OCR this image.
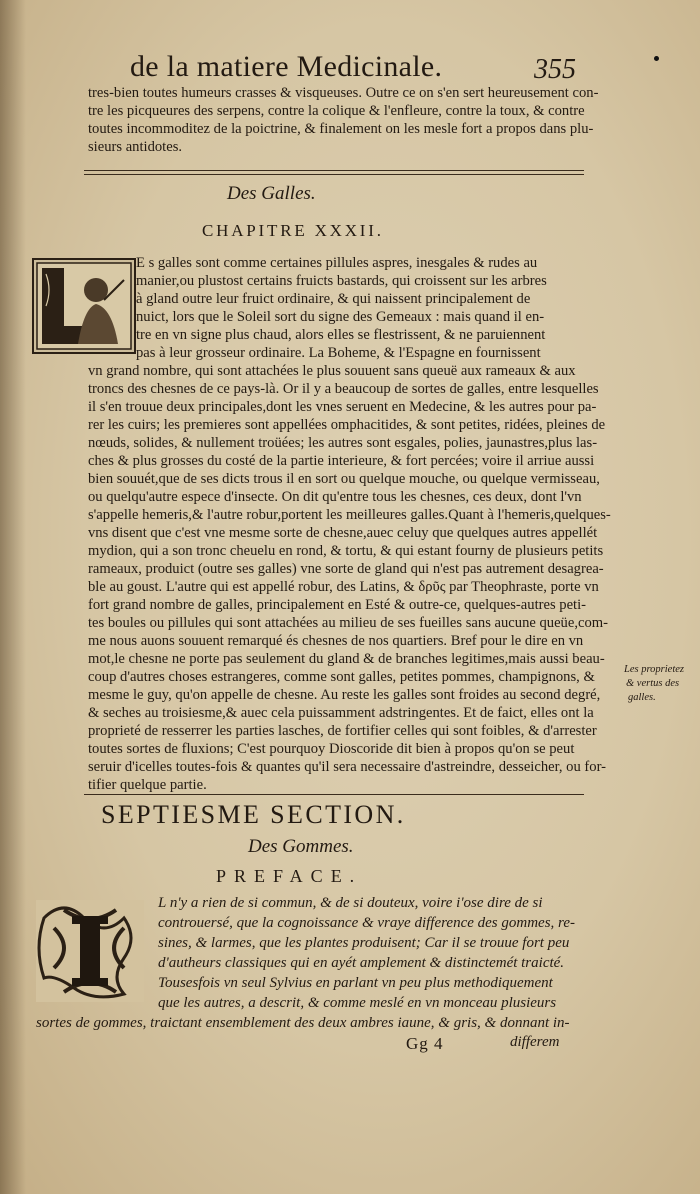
de la matiere Medicinale.	355
tres-bien toutes humeurs crasses & visqueuses. Outre ce on s'en sert heureusement con-
tre les picqueures des serpens, contre la colique & l'enfleure, contre la toux, & contre
toutes incommoditez de la poictrine, & finalement on les mesle fort a propos dans plu-
sieurs antidotes.
Des Galles.
CHAPITRE XXXII.
E s galles sont comme certaines pillules aspres, inesgales & rudes au
manier,ou plustost certains fruicts bastards, qui croissent sur les arbres
à gland outre leur fruict ordinaire, & qui naissent principalement de
nuict, lors que le Soleil sort du signe des Gemeaux : mais quand il en-
tre en vn signe plus chaud, alors elles se flestrissent, & ne paruiennent
pas à leur grosseur ordinaire. La Boheme, & l'Espagne en fournissent
vn grand nombre, qui sont attachées le plus souuent sans queuë aux rameaux & aux
troncs des chesnes de ce pays-là. Or il y a beaucoup de sortes de galles, entre lesquelles
il s'en trouue deux principales,dont les vnes seruent en Medecine, & les autres pour pa-
rer les cuirs; les premieres sont appellées omphacitides, & sont petites, ridées, pleines de
nœuds, solides, & nullement troüées; les autres sont esgales, polies, jaunastres,plus las-
ches & plus grosses du costé de la partie interieure, & fort percées; voire il arriue aussi
bien souuét,que de ses dicts trous il en sort ou quelque mouche, ou quelque vermisseau,
ou quelqu'autre espece d'insecte. On dit qu'entre tous les chesnes, ces deux, dont l'vn
s'appelle hemeris,& l'autre robur,portent les meilleures galles.Quant à l'hemeris,quelques-
vns disent que c'est vne mesme sorte de chesne,auec celuy que quelques autres appellét
mydion, qui a son tronc cheuelu en rond, & tortu, & qui estant fourny de plusieurs petits
rameaux, produict (outre ses galles) vne sorte de gland qui n'est pas autrement desagrea-
ble au goust. L'autre qui est appellé robur, des Latins, & δρῦς par Theophraste, porte vn
fort grand nombre de galles, principalement en Esté & outre-ce, quelques-autres peti-
tes boules ou pillules qui sont attachées au milieu de ses fueilles sans aucune queüe,com-
me nous auons souuent remarqué és chesnes de nos quartiers. Bref pour le dire en vn
mot,le chesne ne porte pas seulement du gland & de branches legitimes,mais aussi beau-
coup d'autres choses estrangeres, comme sont galles, petites pommes, champignons, &
mesme le guy, qu'on appelle de chesne. Au reste les galles sont froides au second degré,
& seches au troisiesme,& auec cela puissamment adstringentes. Et de faict, elles ont la
proprieté de resserrer les parties lasches, de fortifier celles qui sont foibles, & d'arrester
toutes sortes de fluxions; C'est pourquoy Dioscoride dit bien à propos qu'on se peut
seruir d'icelles toutes-fois & quantes qu'il sera necessaire d'astreindre, desseicher, ou for-
tifier quelque partie.
Les proprietez
& vertus des
galles.
SEPTIESME SECTION.
Des Gommes.
PREFACE.
L n'y a rien de si commun, & de si douteux, voire i'ose dire de si
controuersé, que la cognoissance & vraye difference des gommes, re-
sines, & larmes, que les plantes produisent; Car il se trouue fort peu
d'autheurs classiques qui en ayét amplement & distinctemét traicté.
Tousesfois vn seul Sylvius en parlant vn peu plus methodiquement
que les autres, a descrit, & comme meslé en vn monceau plusieurs
sortes de gommes, traictant ensemblement des deux ambres iaune, & gris, & donnant in-
Gg 4	differem
